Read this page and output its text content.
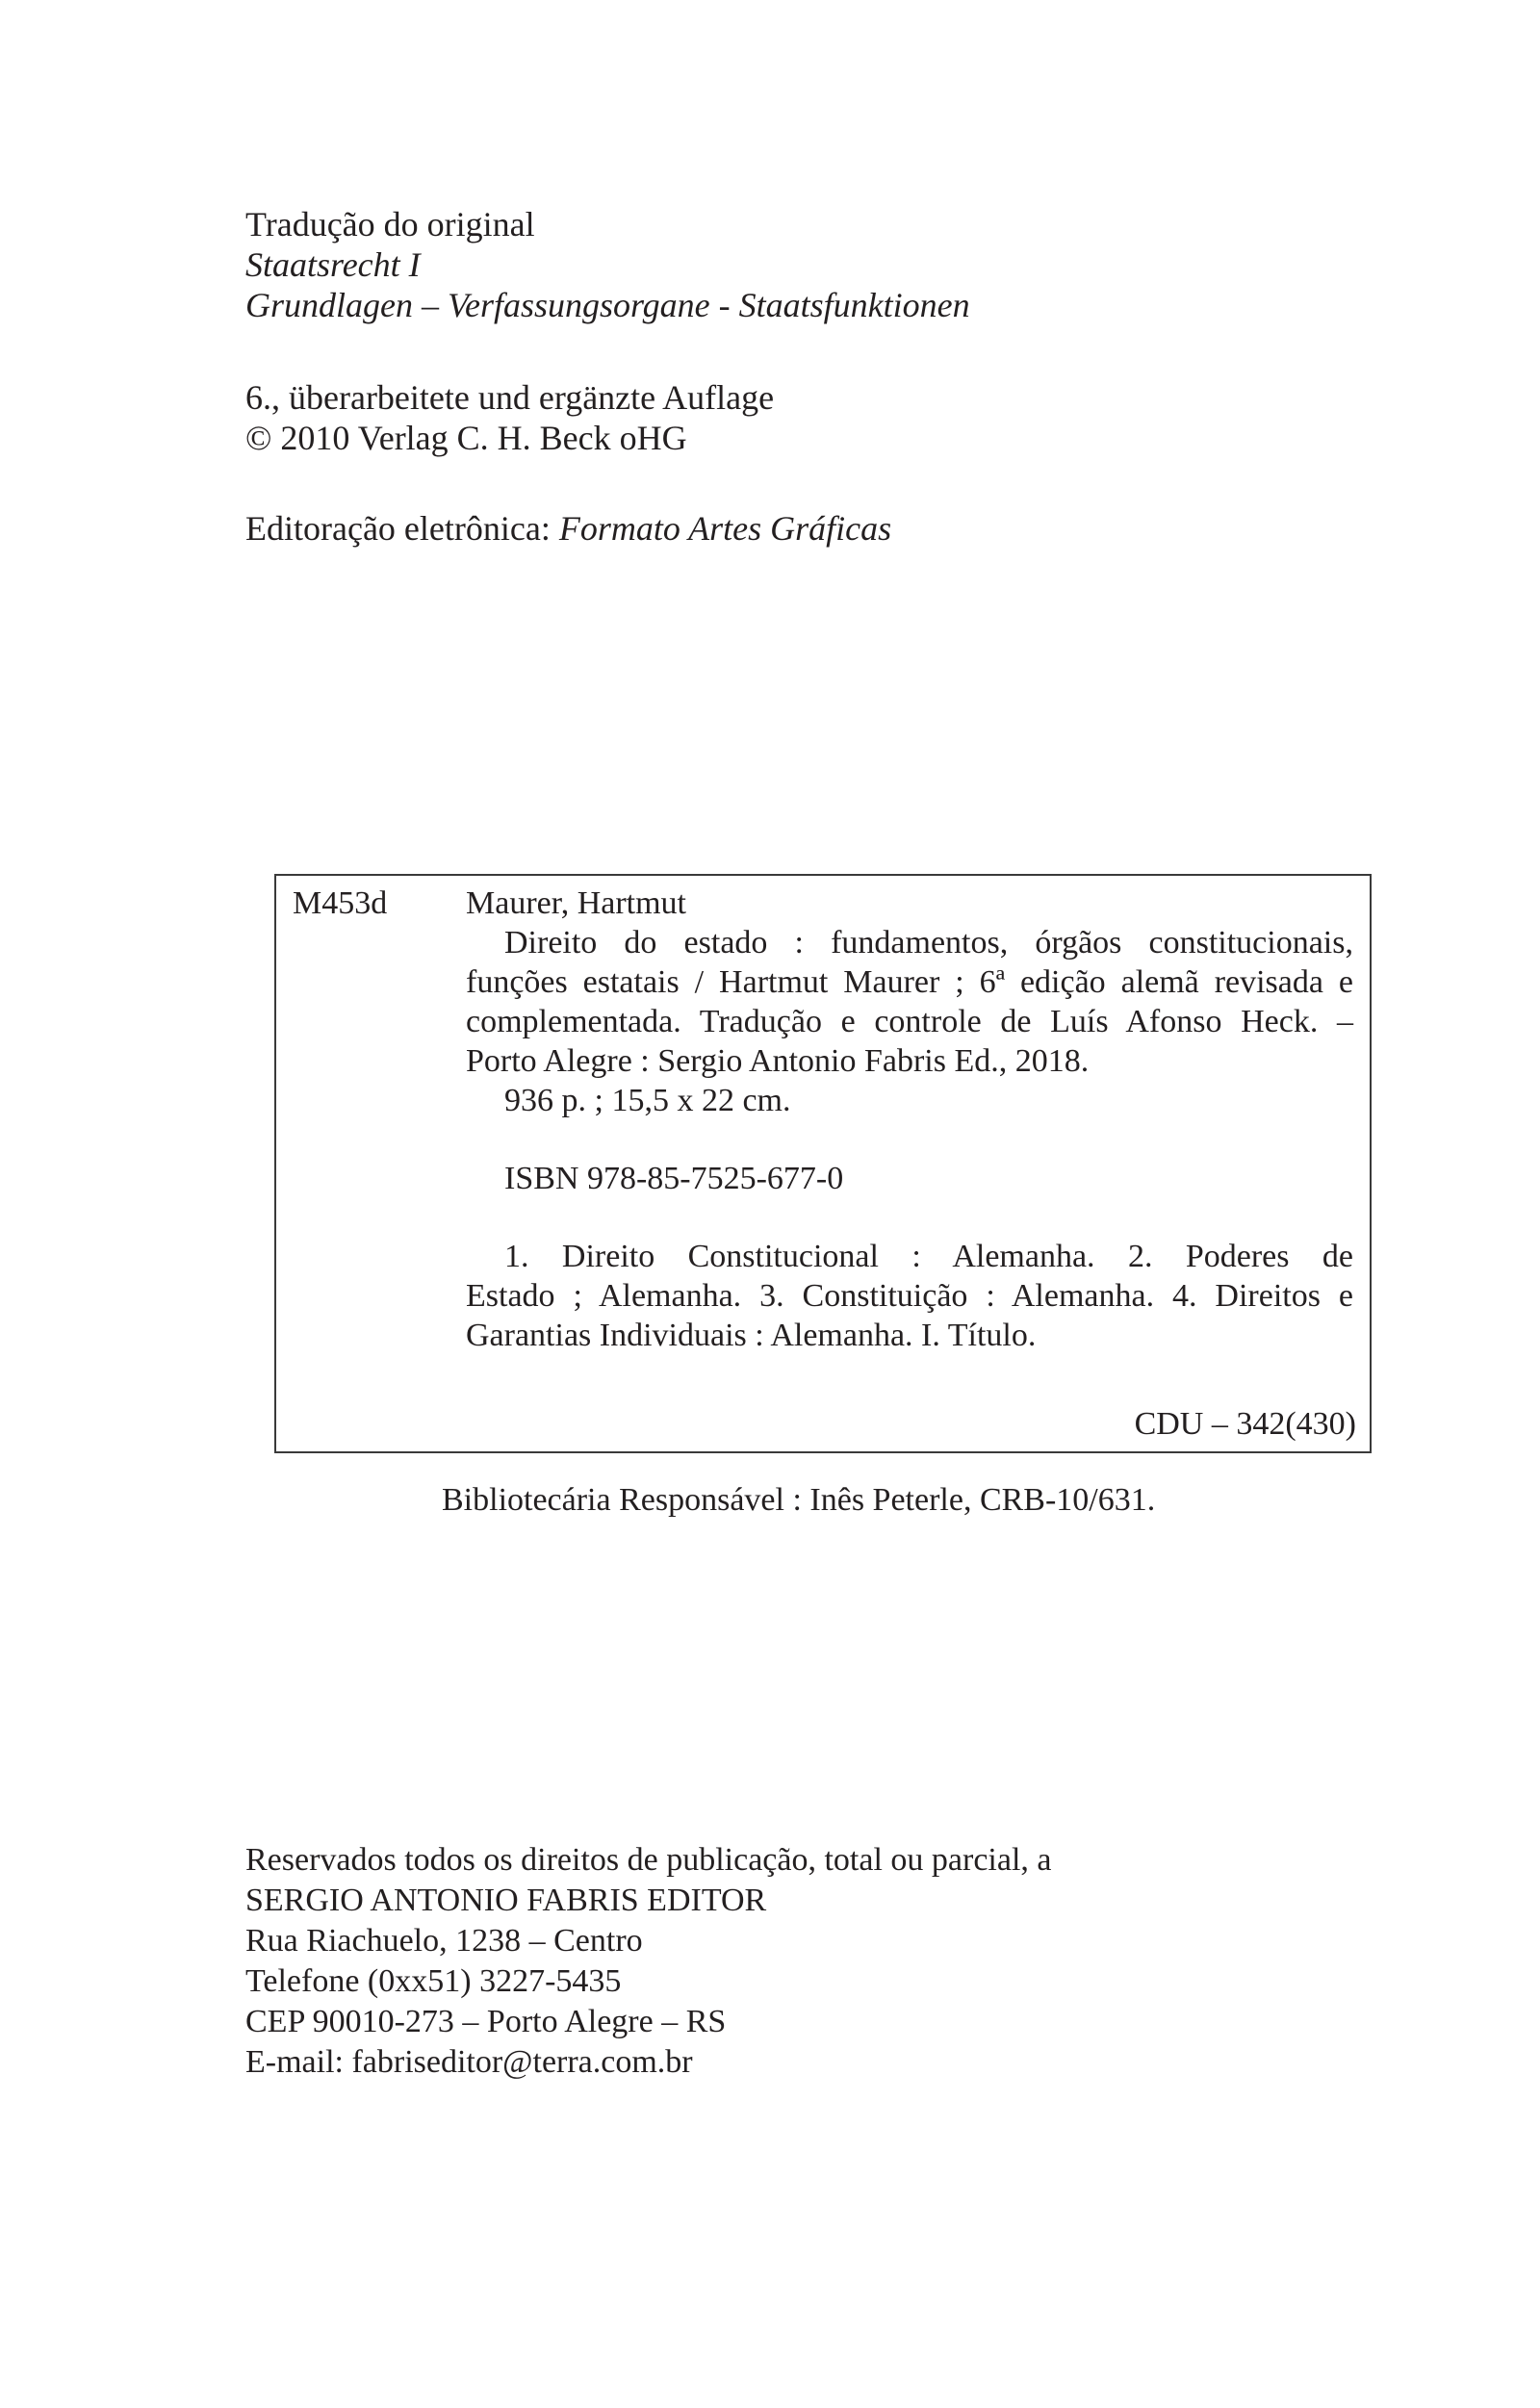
Tradução do original
Staatsrecht I
Grundlagen – Verfassungsorgane - Staatsfunktionen
6., überarbeitete und ergänzte Auflage
© 2010 Verlag C. H. Beck oHG
Editoração eletrônica: Formato Artes Gráficas
M453d Maurer, Hartmut
Direito do estado : fundamentos, órgãos constitucionais,
funções estatais / Hartmut Maurer ; 6ª edição alemã revisada e
complementada. Tradução e controle de Luís Afonso Heck. –
Porto Alegre : Sergio Antonio Fabris Ed., 2018.
936 p. ; 15,5 x 22 cm.
ISBN 978-85-7525-677-0
1. Direito Constitucional : Alemanha. 2. Poderes de
Estado ; Alemanha. 3. Constituição : Alemanha. 4. Direitos e
Garantias Individuais : Alemanha. I. Título.
CDU – 342(430)
Bibliotecária Responsável : Inês Peterle, CRB-10/631.
Reservados todos os direitos de publicação, total ou parcial, a
SERGIO ANTONIO FABRIS EDITOR
Rua Riachuelo, 1238 – Centro
Telefone (0xx51) 3227-5435
CEP 90010-273 – Porto Alegre – RS
E-mail: fabriseditor@terra.com.br
